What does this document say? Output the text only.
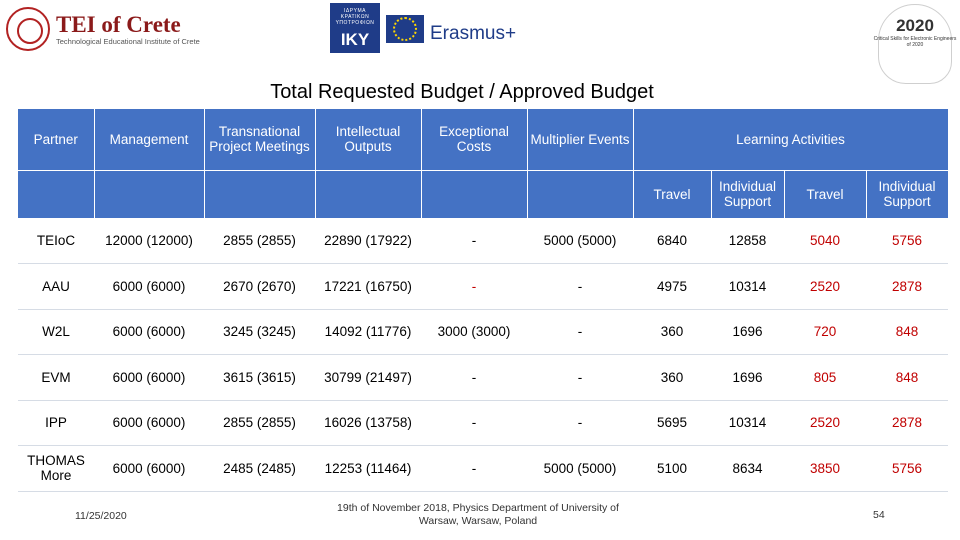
TEI of Crete
Technological Educational Institute of Crete
ΙΔΡΥΜΑ ΚΡΑΤΙΚΩΝ ΥΠΟΤΡΟΦΙΩΝ
IKY	Erasmus+	2020
Critical Skills for Electronic Engineers of 2020
Total Requested Budget / Approved Budget
Partner	Management	Transnational Project Meetings	Intellectual Outputs	Exceptional Costs	Multiplier Events	Learning Activities			
						Travel	Individual Support	Travel	Individual Support
TEIoC	12000 (12000)	2855 (2855)	22890 (17922)	-	5000 (5000)	6840	12858	5040	5756
AAU	6000 (6000)	2670 (2670)	17221 (16750)	-	-	4975	10314	2520	2878
W2L	6000 (6000)	3245 (3245)	14092 (11776)	3000 (3000)	-	360	1696	720	848
EVM	6000 (6000)	3615 (3615)	30799 (21497)	-	-	360	1696	805	848
IPP	6000 (6000)	2855 (2855)	16026 (13758)	-	-	5695	10314	2520	2878
THOMAS More	6000 (6000)	2485 (2485)	12253 (11464)	-	5000 (5000)	5100	8634	3850	5756
11/25/2020
19th of November 2018, Physics Department of University of Warsaw, Warsaw, Poland	54
